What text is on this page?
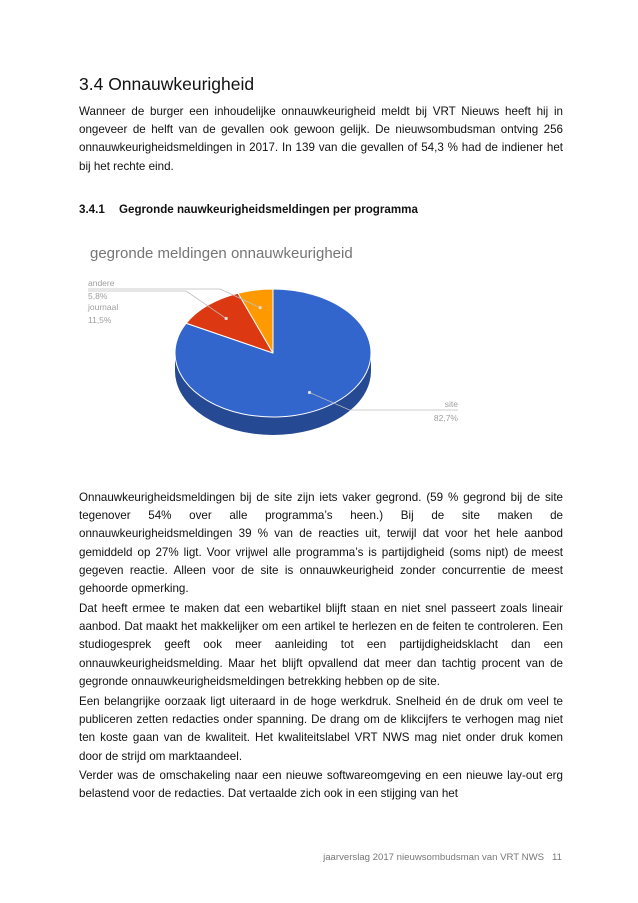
3.4 Onnauwkeurigheid

Wanneer de burger een inhoudelijke onnauwkeurigheid meldt bij VRT Nieuws heeft hij in ongeveer de helft van de gevallen ook gewoon gelijk. De nieuwsombudsman ontving 256 onnauwkeurigheidsmeldingen in 2017. In 139 van die gevallen of 54,3 % had de indiener het bij het rechte eind.

3.4.1 Gegronde nauwkeurigheidsmeldingen per programma
gegronde meldingen onnauwkeurigheid
site
82,7%
journaal
11,5%
andere
5,8%

Onnauwkeurigheidsmeldingen bij de site zijn iets vaker gegrond. (59 % gegrond bij de site tegenover 54% over alle programma’s heen.) Bij de site maken de onnauwkeurigheidsmeldingen 39 % van de reacties uit, terwijl dat voor het hele aanbod gemiddeld op 27% ligt. Voor vrijwel alle programma’s is partijdigheid (soms nipt) de meest gegeven reactie. Alleen voor de site is onnauwkeurigheid zonder concurrentie de meest gehoorde opmerking.

Dat heeft ermee te maken dat een webartikel blijft staan en niet snel passeert zoals lineair aanbod. Dat maakt het makkelijker om een artikel te herlezen en de feiten te controleren. Een studiogesprek geeft ook meer aanleiding tot een partijdigheidsklacht dan een onnauwkeurigheidsmelding. Maar het blijft opvallend dat meer dan tachtig procent van de gegronde onnauwkeurigheidsmeldingen betrekking hebben op de site.

Een belangrijke oorzaak ligt uiteraard in de hoge werkdruk. Snelheid én de druk om veel te publiceren zetten redacties onder spanning. De drang om de klikcijfers te verhogen mag niet ten koste gaan van de kwaliteit. Het kwaliteitslabel VRT NWS mag niet onder druk komen door de strijd om marktaandeel.

Verder was de omschakeling naar een nieuwe softwareomgeving en een nieuwe lay-out erg belastend voor de redacties. Dat vertaalde zich ook in een stijging van het

jaarverslag 2017 nieuwsombudsman van VRT NWS 11
